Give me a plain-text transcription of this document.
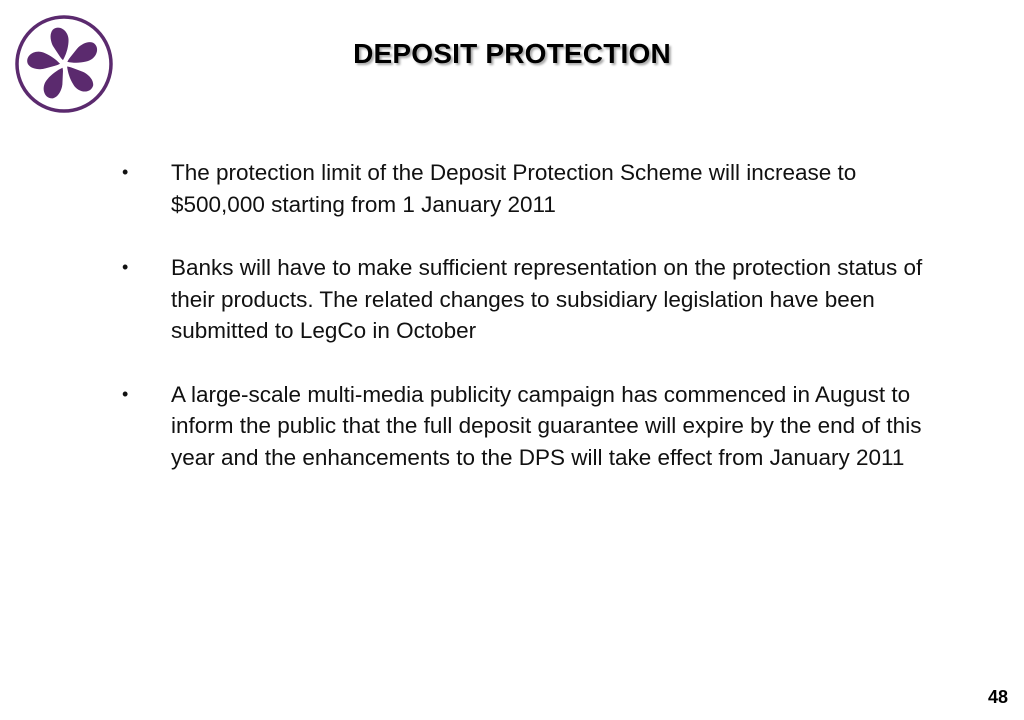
DEPOSIT PROTECTION
•	The protection limit of the Deposit Protection Scheme will increase to $500,000 starting from 1 January 2011
•	Banks will have to make sufficient representation on the protection status of their products. The related changes to subsidiary legislation have been submitted to LegCo in October
•	A large-scale multi-media publicity campaign has commenced in August to inform the public that the full deposit guarantee will expire by the end of this year and the enhancements to the DPS will take effect from January 2011
48
